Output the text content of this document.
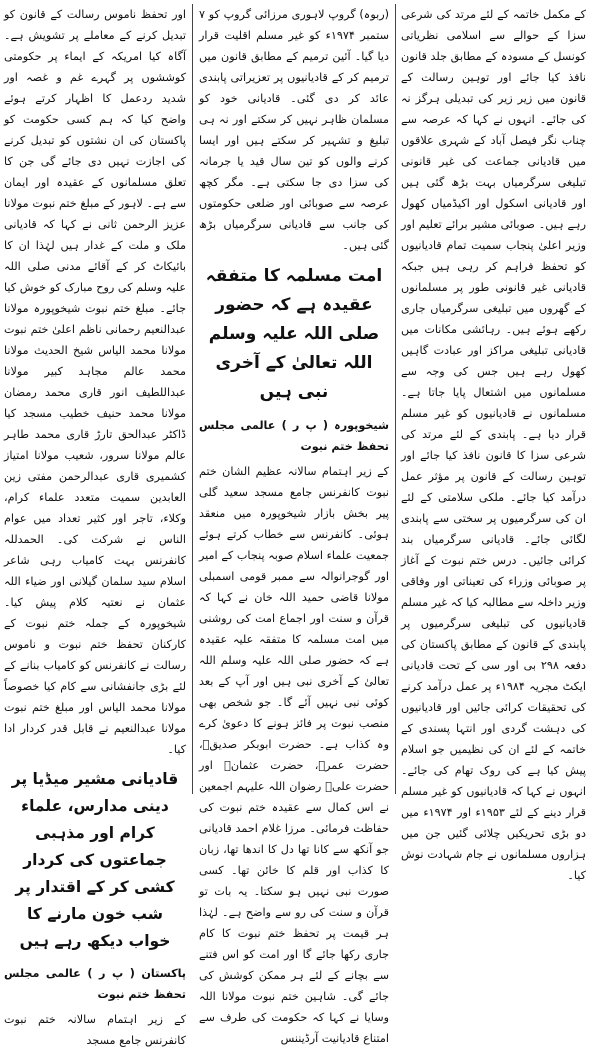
کے مکمل خاتمہ کے لئے مرتد کی شرعی سزا کے حوالے سے اسلامی نظریاتی کونسل کے مسودہ کے مطابق جلد قانون نافذ کیا جائے اور توہین رسالت کے قانون میں زیر زیر کی تبدیلی ہرگز نہ کی جائے۔ انہوں نے کہا کہ عرصہ سے چناب نگر فیصل آباد کے شہری علاقوں میں قادیانی جماعت کی غیر قانونی تبلیغی سرگرمیاں بہت بڑھ گئی ہیں اور قادیانی اسکول اور اکیڈمیاں کھول رہے ہیں۔ صوبائی مشیر برائے تعلیم اور وزیر اعلیٰ پنجاب سمیت تمام قادیانیوں کو تحفظ فراہم کر رہی ہیں جبکہ قادیانی غیر قانونی طور پر مسلمانوں کے گھروں میں تبلیغی سرگرمیاں جاری رکھے ہوئے ہیں۔ رہائشی مکانات میں قادیانی تبلیغی مراکز اور عبادت گاہیں کھول رہے ہیں جس کی وجہ سے مسلمانوں میں اشتعال پایا جاتا ہے۔ مسلمانوں نے قادیانیوں کو غیر مسلم قرار دیا ہے۔ پابندی کے لئے مرتد کی شرعی سزا کا قانون نافذ کیا جائے اور توہین رسالت کے قانون پر مؤثر عمل درآمد کیا جائے۔ ملکی سلامتی کے لئے ان کی سرگرمیوں پر سختی سے پابندی لگائی جائے۔ قادیانی سرگرمیاں بند کرائی جائیں۔ درس ختم نبوت کے آغاز پر صوبائی وزراء کی تعیناتی اور وفاقی وزیر داخلہ سے مطالبہ کیا کہ غیر مسلم قادیانیوں کی تبلیغی سرگرمیوں پر پابندی کے قانون کے مطابق پاکستان کی دفعہ ۲۹۸ بی اور سی کے تحت قادیانی ایکٹ مجریہ ۱۹۸۴ء پر عمل درآمد کرنے کی تحقیقات کرائی جائیں اور قادیانیوں کی دہشت گردی اور انتہا پسندی کے خاتمہ کے لئے ان کی نظیمیں جو اسلام پیش کیا ہے کی روک تھام کی جائے۔ انہوں نے کہا کہ قادیانیوں کو غیر مسلم قرار دینے کے لئے ۱۹۵۳ء اور ۱۹۷۴ء میں دو بڑی تحریکیں چلائی گئیں جن میں ہزاروں مسلمانوں نے جام شہادت نوش کیا۔

(ربوہ) گروپ لاہوری مرزائی گروپ کو ۷ ستمبر ۱۹۷۴ء کو غیر مسلم اقلیت قرار دیا گیا۔ آئین ترمیم کے مطابق قانون میں ترمیم کر کے قادیانیوں پر تعزیراتی پابندی عائد کر دی گئی۔ قادیانی خود کو مسلمان ظاہر نہیں کر سکتے اور نہ ہی تبلیغ و تشہیر کر سکتے ہیں اور ایسا کرنے والوں کو تین سال قید یا جرمانہ کی سزا دی جا سکتی ہے۔ مگر کچھ عرصہ سے صوبائی اور ضلعی حکومتوں کی جانب سے قادیانی سرگرمیاں بڑھ گئی ہیں۔

امت مسلمہ کا متفقہ عقیدہ ہے کہ حضور صلی اللہ علیہ وسلم اللہ تعالیٰ کے آخری نبی ہیں

شیخوپورہ ( پ ر ) عالمی مجلس تحفظ ختم نبوت

کے زیر اہتمام سالانہ عظیم الشان ختم نبوت کانفرنس جامع مسجد سعید گلی پیر بخش بازار شیخوپورہ میں منعقد ہوئی۔ کانفرنس سے خطاب کرتے ہوئے جمعیت علماء اسلام صوبہ پنجاب کے امیر اور گوجرانوالہ سے ممبر قومی اسمبلی مولانا قاضی حمید اللہ خان نے کہا کہ قرآن و سنت اور اجماع امت کی روشنی میں امت مسلمہ کا متفقہ علیہ عقیدہ ہے کہ حضور صلی اللہ علیہ وسلم اللہ تعالیٰ کے آخری نبی ہیں اور آپ کے بعد کوئی نبی نہیں آئے گا۔ جو شخص بھی منصب نبوت پر فائز ہونے کا دعویٰ کرے وہ کذاب ہے۔ حضرت ابوبکر صدیقؓ، حضرت عمرؓ، حضرت عثمانؓ اور حضرت علیؓ رضوان اللہ علیہم اجمعین نے اس کمال سے عقیدہ ختم نبوت کی حفاظت فرمائی۔ مرزا غلام احمد قادیانی جو آنکھ سے کانا تھا دل کا اندھا تھا، زبان کا کذاب اور قلم کا خائن تھا۔ کسی صورت نبی نہیں ہو سکتا۔ یہ بات تو قرآن و سنت کی رو سے واضح ہے۔ لہٰذا ہر قیمت پر تحفظ ختم نبوت کا کام جاری رکھا جائے گا اور امت کو اس فتنے سے بچانے کے لئے ہر ممکن کوشش کی جائے گی۔ شاہین ختم نبوت مولانا اللہ وسایا نے کہا کہ حکومت کی طرف سے امتناع قادیانیت آرڈیننس

اور تحفظ ناموس رسالت کے قانون کو تبدیل کرنے کے معاملے پر تشویش ہے۔ آگاہ کیا امریکہ کے ایماء پر حکومتی کوششوں پر گہرے غم و غصہ اور شدید ردعمل کا اظہار کرتے ہوئے واضح کیا کہ ہم کسی حکومت کو پاکستان کی ان نشتوں کو تبدیل کرنے کی اجازت نہیں دی جائے گی جن کا تعلق مسلمانوں کے عقیدہ اور ایمان سے ہے۔ لاہور کے مبلغ ختم نبوت مولانا عزیز الرحمن ثانی نے کہا کہ قادیانی ملک و ملت کے غدار ہیں لہٰذا ان کا بائیکاٹ کر کے آقائے مدنی صلی اللہ علیہ وسلم کی روح مبارک کو خوش کیا جائے۔ مبلغ ختم نبوت شیخوپورہ مولانا عبدالنعیم رحمانی ناظم اعلیٰ ختم نبوت مولانا محمد الیاس شیخ الحدیث مولانا محمد عالم مجاہد کبیر مولانا عبداللطیف انور قاری محمد رمضان مولانا محمد حنیف خطیب مسجد کیا ڈاکٹر عبدالحق تارڑ قاری محمد طاہر عالم مولانا سرور، شعیب مولانا امتیاز کشمیری قاری عبدالرحمن مفتی زین العابدین سمیت متعدد علماء کرام، وکلاء، تاجر اور کثیر تعداد میں عوام الناس نے شرکت کی۔ الحمدللہ کانفرنس بہت کامیاب رہی شاعر اسلام سید سلمان گیلانی اور ضیاء اللہ عثمان نے نعتیہ کلام پیش کیا۔ شیخوپورہ کے جملہ ختم نبوت کے کارکنان تحفظ ختم نبوت و ناموس رسالت نے کانفرنس کو کامیاب بنانے کے لئے بڑی جانفشانی سے کام کیا خصوصاً مولانا محمد الیاس اور مبلغ ختم نبوت مولانا عبدالنعیم نے قابل قدر کردار ادا کیا۔

قادیانی مشیر میڈیا پر دینی مدارس، علماء کرام اور مذہبی جماعتوں کی کردار کشی کر کے اقتدار پر شب خون مارنے کا خواب دیکھ رہے ہیں

پاکستان ( پ ر ) عالمی مجلس تحفظ ختم نبوت

کے زیر اہتمام سالانہ ختم نبوت کانفرنس جامع مسجد
